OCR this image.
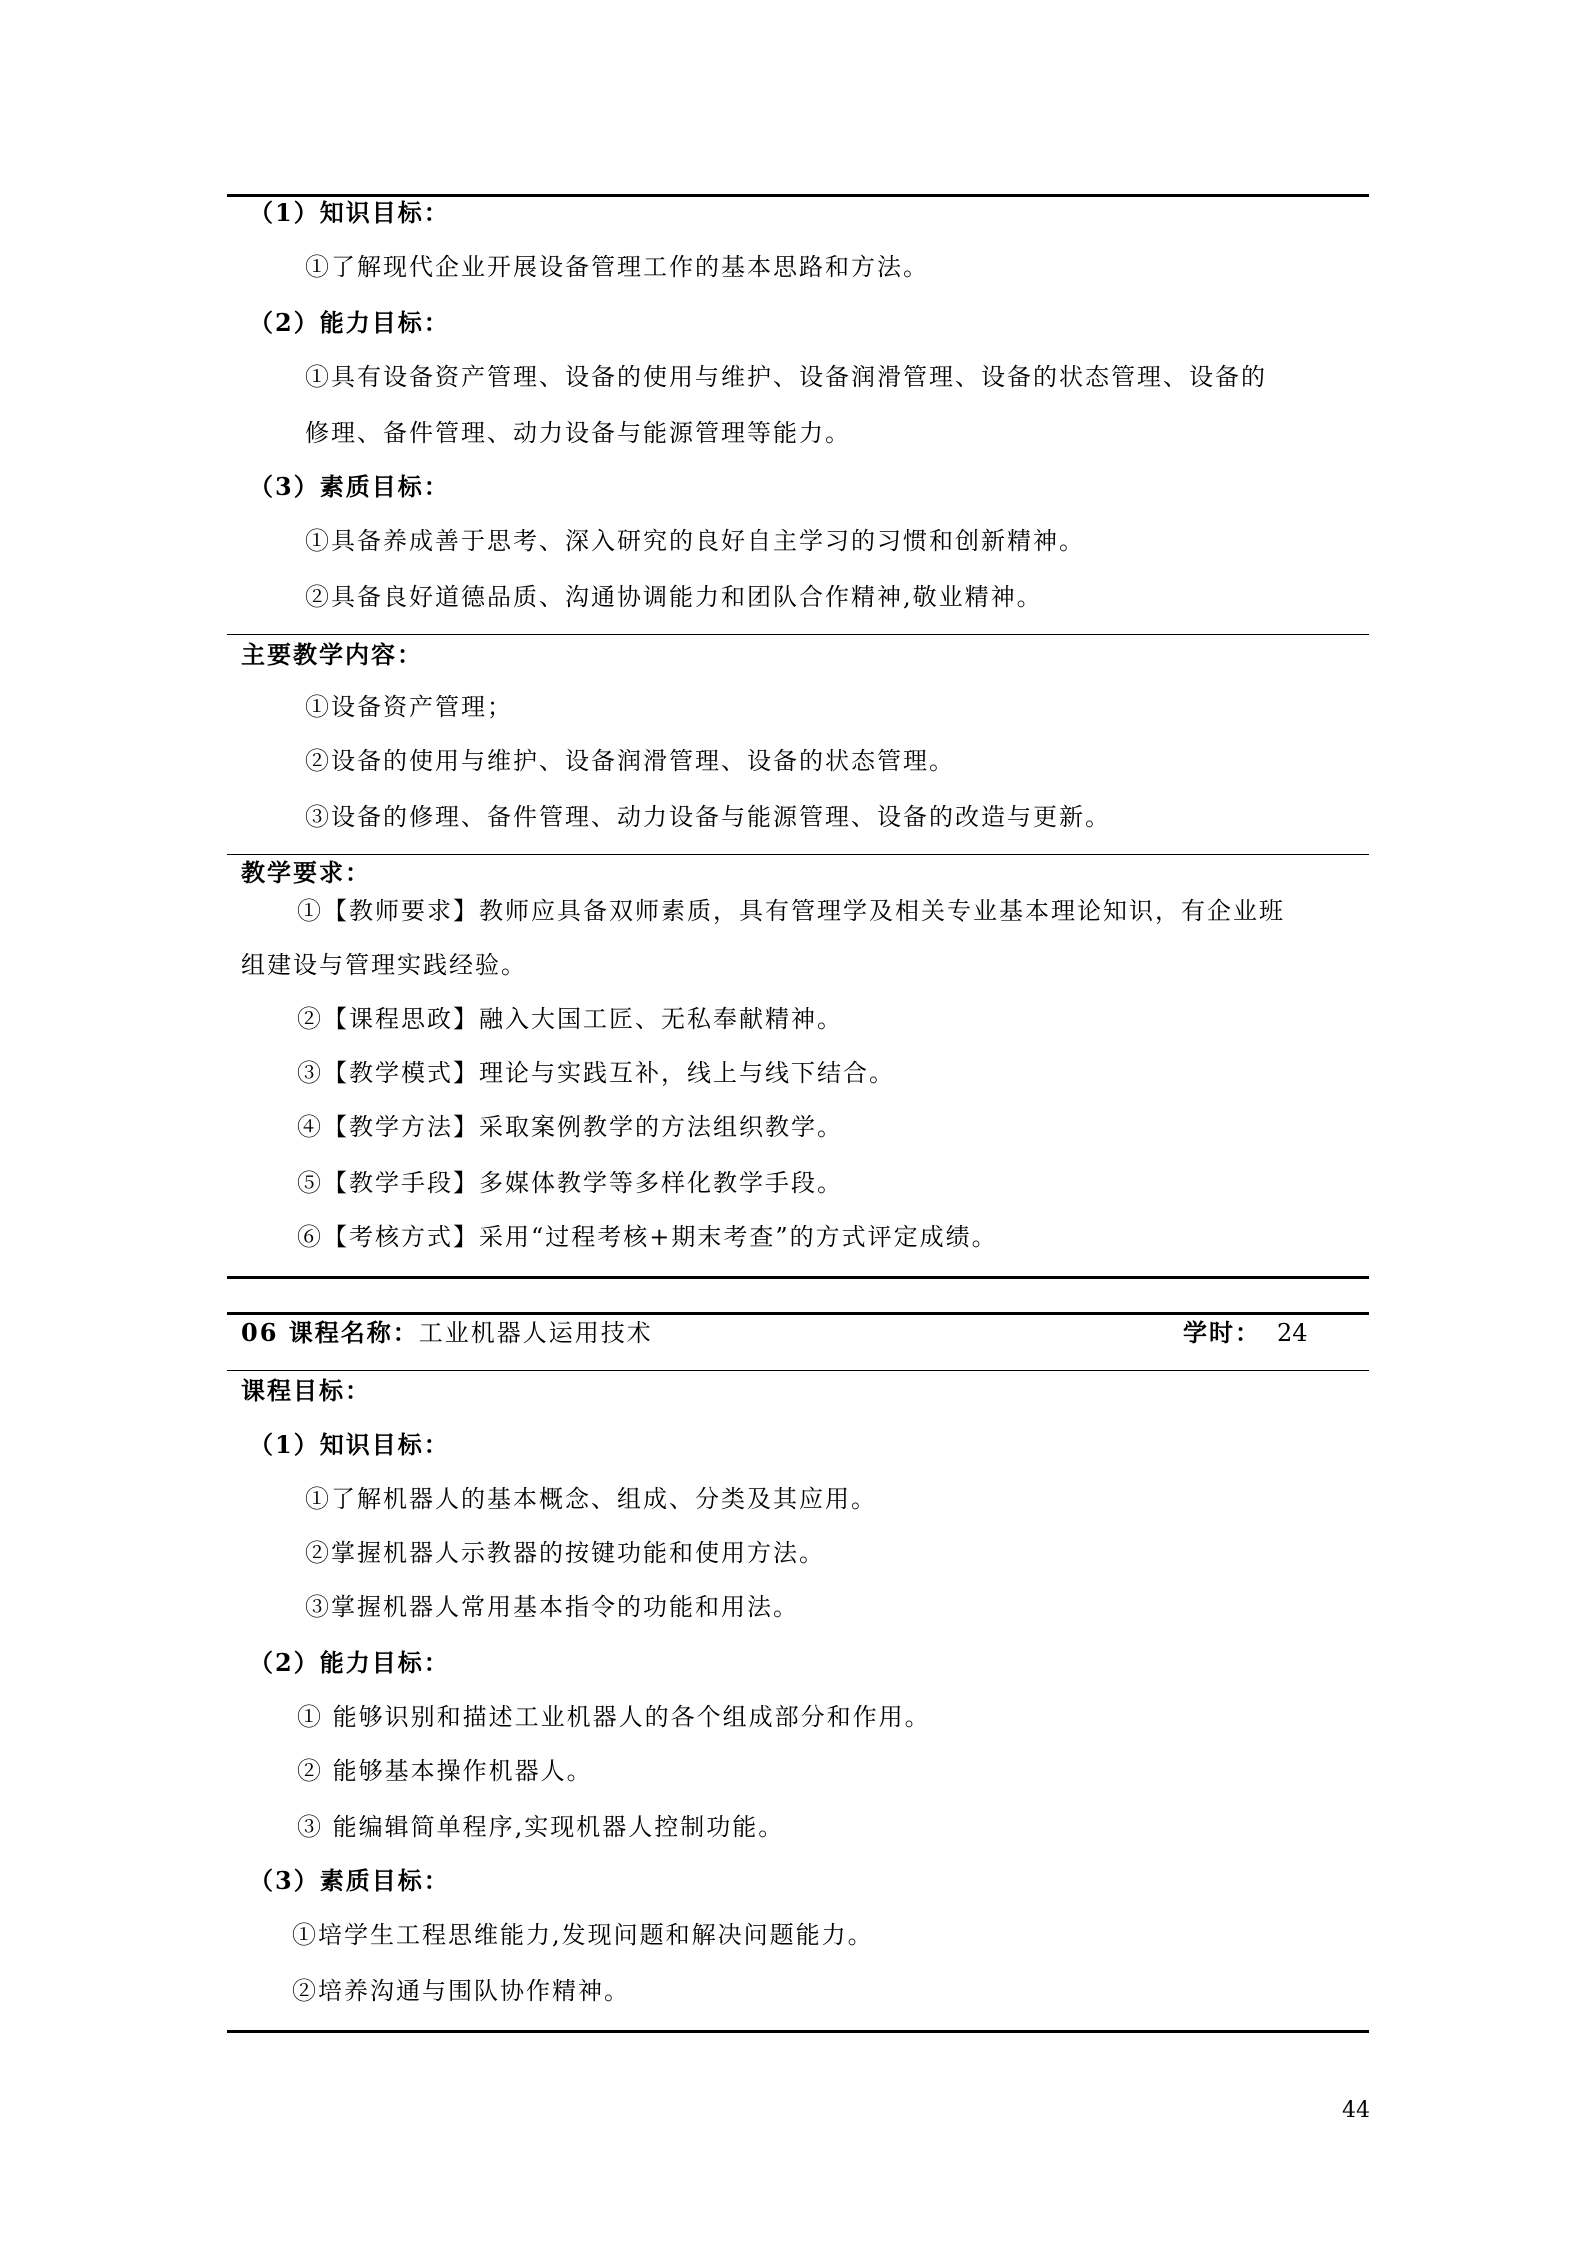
（1）知识目标：
①了解现代企业开展设备管理工作的基本思路和方法。
（2）能力目标：
①具有设备资产管理、设备的使用与维护、设备润滑管理、设备的状态管理、设备的
修理、备件管理、动力设备与能源管理等能力。
（3）素质目标：
①具备养成善于思考、深入研究的良好自主学习的习惯和创新精神。
②具备良好道德品质、沟通协调能力和团队合作精神,敬业精神。
主要教学内容：
①设备资产管理；
②设备的使用与维护、设备润滑管理、设备的状态管理。
③设备的修理、备件管理、动力设备与能源管理、设备的改造与更新。
教学要求：
①【教师要求】教师应具备双师素质，具有管理学及相关专业基本理论知识，有企业班
组建设与管理实践经验。
②【课程思政】融入大国工匠、无私奉献精神。
③【教学模式】理论与实践互补，线上与线下结合。
④【教学方法】采取案例教学的方法组织教学。
⑤【教学手段】多媒体教学等多样化教学手段。
⑥【考核方式】采用“过程考核+期末考查”的方式评定成绩。
06 课程名称：工业机器人运用技术	学时： 24
课程目标：
（1）知识目标：
①了解机器人的基本概念、组成、分类及其应用。
②掌握机器人示教器的按键功能和使用方法。
③掌握机器人常用基本指令的功能和用法。
（2）能力目标：
① 能够识别和描述工业机器人的各个组成部分和作用。
② 能够基本操作机器人。
③ 能编辑简单程序,实现机器人控制功能。
（3）素质目标：
①培学生工程思维能力,发现问题和解决问题能力。
②培养沟通与围队协作精神。
44
